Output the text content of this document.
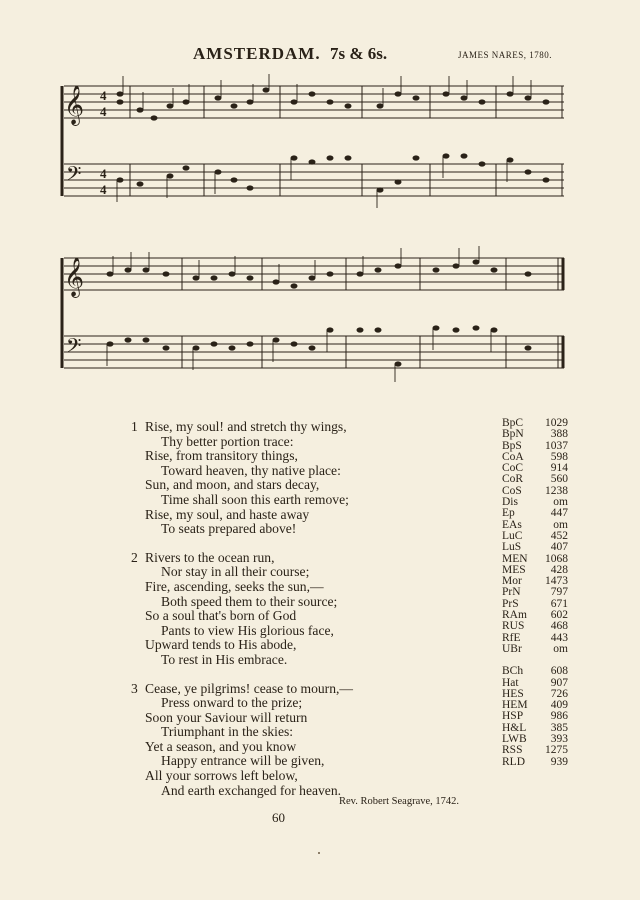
AMSTERDAM. 7s & 6s.	JAMES NARES, 1780.
𝄞
𝄢
4
4
4
4
𝄞
𝄢
1 Rise, my soul! and stretch thy wings,
Thy better portion trace:
Rise, from transitory things,
Toward heaven, thy native place:
Sun, and moon, and stars decay,
Time shall soon this earth remove;
Rise, my soul, and haste away
To seats prepared above!
2 Rivers to the ocean run,
Nor stay in all their course;
Fire, ascending, seeks the sun,—
Both speed them to their source;
So a soul that's born of God
Pants to view His glorious face,
Upward tends to His abode,
To rest in His embrace.
3 Cease, ye pilgrims! cease to mourn,—
Press onward to the prize;
Soon your Saviour will return
Triumphant in the skies:
Yet a season, and you know
Happy entrance will be given,
All your sorrows left below,
And earth exchanged for heaven.
BpC 1029
BpN 388
BpS 1037
CoA 598
CoC 914
CoR 560
CoS 1238
Dis	om
Ep	447
EAs	om
LuC 452
LuS	407
MEN 1068
MES 428
Mor 1473
PrN	797
PrS	671
RAm 602
RUS 468
RfE	443
UBr	om
BCh 608
Hat	907
HES 726
HEM 409
HSP 986
H&L 385
LWB 393
RSS 1275
RLD 939
Rev. Robert Seagrave, 1742.
60
